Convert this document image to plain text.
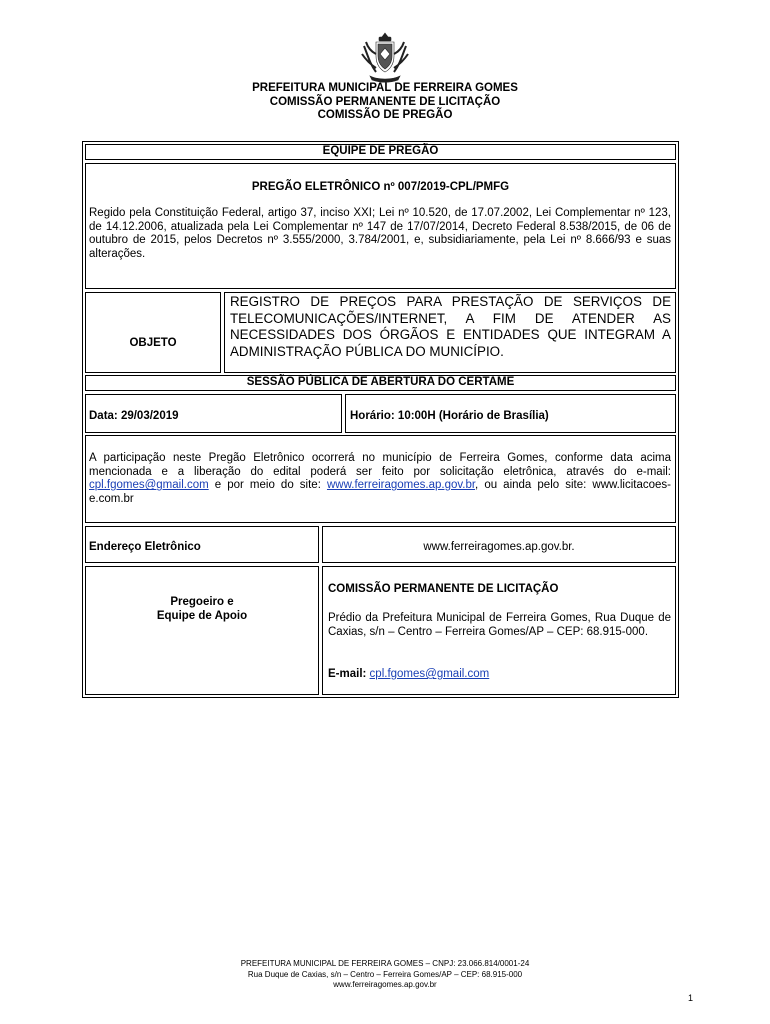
PREFEITURA MUNICIPAL DE FERREIRA GOMES
COMISSÃO PERMANENTE DE LICITAÇÃO
COMISSÃO DE PREGÃO
EQUIPE DE PREGÃO
PREGÃO ELETRÔNICO nº 007/2019-CPL/PMFG
Regido pela Constituição Federal, artigo 37, inciso XXI; Lei nº 10.520, de 17.07.2002, Lei Complementar nº 123, de 14.12.2006, atualizada pela Lei Complementar nº 147 de 17/07/2014, Decreto Federal 8.538/2015, de 06 de outubro de 2015, pelos Decretos nº 3.555/2000, 3.784/2001, e, subsidiariamente, pela Lei nº 8.666/93 e suas alterações.
OBJETO
REGISTRO DE PREÇOS PARA PRESTAÇÃO DE SERVIÇOS DE TELECOMUNICAÇÕES/INTERNET, A FIM DE ATENDER AS NECESSIDADES DOS ÓRGÃOS E ENTIDADES QUE INTEGRAM A ADMINISTRAÇÃO PÚBLICA DO MUNICÍPIO.
SESSÃO PÚBLICA DE ABERTURA DO CERTAME
Data: 29/03/2019	Horário: 10:00H (Horário de Brasília)
A participação neste Pregão Eletrônico ocorrerá no município de Ferreira Gomes, conforme data acima mencionada e a liberação do edital poderá ser feito por solicitação eletrônica, através do e-mail: cpl.fgomes@gmail.com e por meio do site: www.ferreiragomes.ap.gov.br, ou ainda pelo site: www.licitacoes-e.com.br
Endereço Eletrônico	www.ferreiragomes.ap.gov.br.
Pregoeiro e
Equipe de Apoio
COMISSÃO PERMANENTE DE LICITAÇÃO
Prédio da Prefeitura Municipal de Ferreira Gomes, Rua Duque de Caxias, s/n – Centro – Ferreira Gomes/AP – CEP: 68.915-000.
E-mail: cpl.fgomes@gmail.com
PREFEITURA MUNICIPAL DE FERREIRA GOMES – CNPJ: 23.066.814/0001-24
Rua Duque de Caxias, s/n – Centro – Ferreira Gomes/AP – CEP: 68.915-000
www.ferreiragomes.ap.gov.br
1
